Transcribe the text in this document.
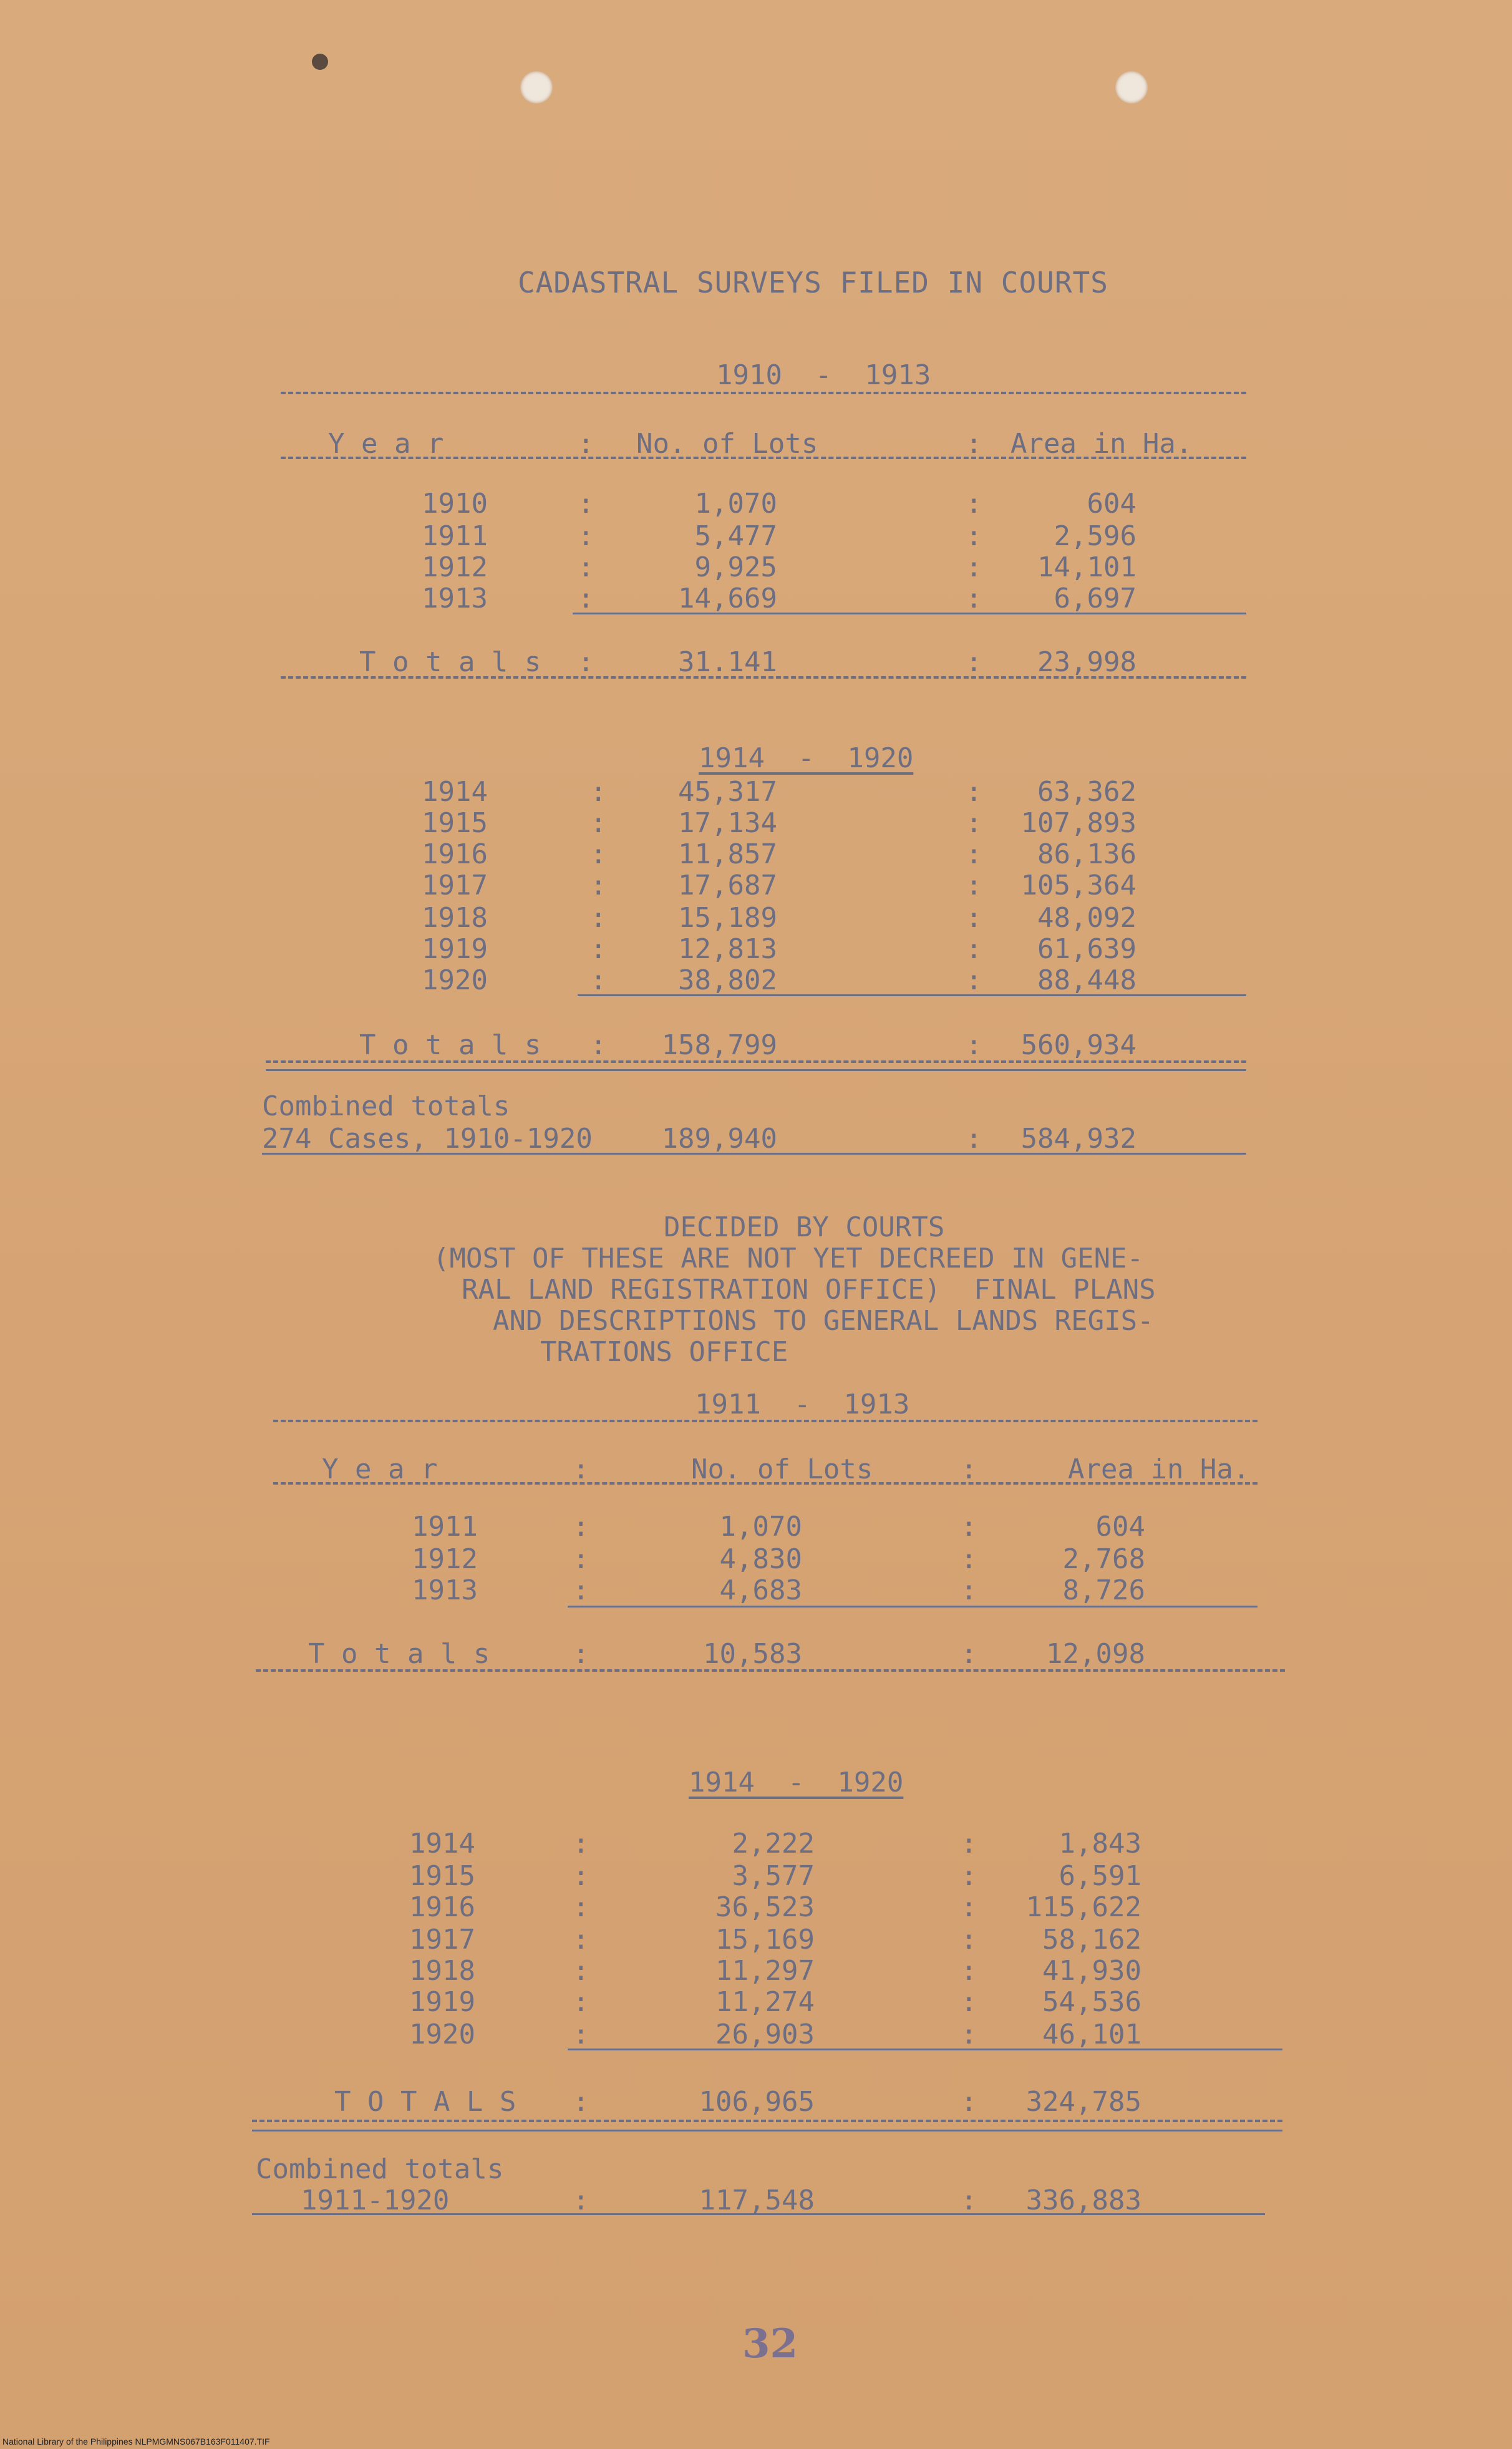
CADASTRAL SURVEYS FILED IN COURTS
1910  -  1913
Y e a r	: No. of Lots	: Area in Ha.
1910	:	1,070	:	604
1911	:	5,477	:	2,596
1912	:	9,925	:	14,101
1913	:	14,669	:	6,697
T o t a l s :	31.141	:	23,998
1914  -  1920
1914	:	45,317	:	63,362
1915	:	17,134	:	107,893
1916	:	11,857	:	86,136
1917	:	17,687	:	105,364
1918	:	15,189	:	48,092
1919	:	12,813	:	61,639
1920	:	38,802	:	88,448
T o t a l s :	158,799	:	560,934
Combined totals
274 Cases, 1910-1920	189,940	:	584,932
DECIDED BY COURTS
(MOST OF THESE ARE NOT YET DECREED IN GENE-
RAL LAND REGISTRATION OFFICE)  FINAL PLANS
AND DESCRIPTIONS TO GENERAL LANDS REGIS-
TRATIONS OFFICE
1911  -  1913
Y e a r	:	No. of Lots	:	Area in Ha.
1911	:	1,070	:	604
1912	:	4,830	:	2,768
1913	:	4,683	:	8,726
T o t a l s	:	10,583	:	12,098
1914  -  1920
1914	:	2,222	:	1,843
1915	:	3,577	:	6,591
1916	:	36,523	:	115,622
1917	:	15,169	:	58,162
1918	:	11,297	:	41,930
1919	:	11,274	:	54,536
1920	:	26,903	:	46,101
T O T A L S :	106,965	:	324,785
Combined totals
1911-1920	:	117,548	:	336,883
32
National Library of the Philippines NLPMGMNS067B163F011407.TIF
